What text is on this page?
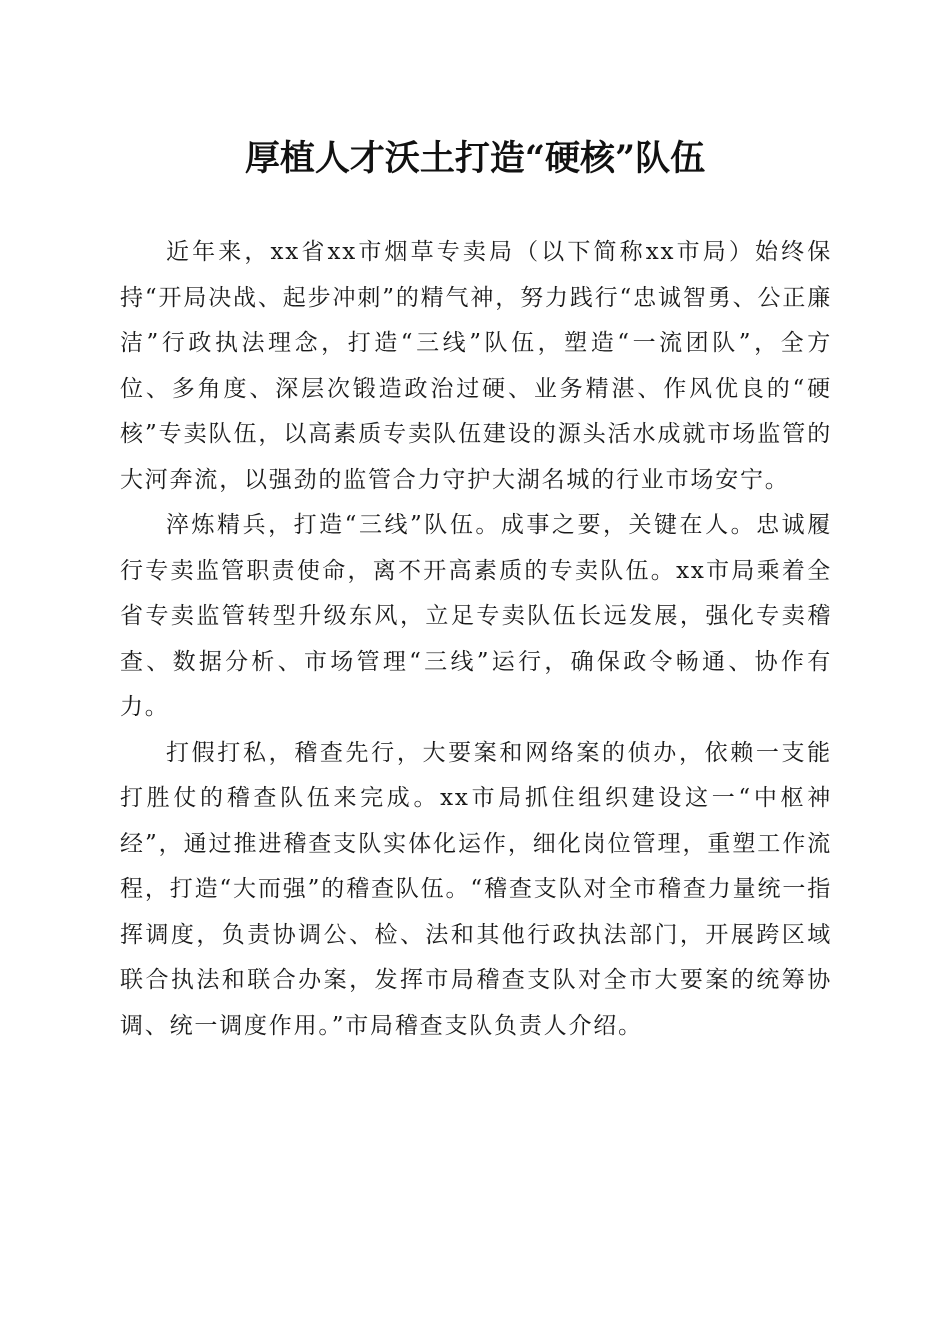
厚植人才沃土打造“硬核”队伍

近年来，xx省xx市烟草专卖局（以下简称xx市局）始终保持“开局决战、起步冲刺”的精气神，努力践行“忠诚智勇、公正廉洁”行政执法理念，打造“三线”队伍，塑造“一流团队”，全方位、多角度、深层次锻造政治过硬、业务精湛、作风优良的“硬核”专卖队伍，以高素质专卖队伍建设的源头活水成就市场监管的大河奔流，以强劲的监管合力守护大湖名城的行业市场安宁。

淬炼精兵，打造“三线”队伍。成事之要，关键在人。忠诚履行专卖监管职责使命，离不开高素质的专卖队伍。xx市局乘着全省专卖监管转型升级东风，立足专卖队伍长远发展，强化专卖稽查、数据分析、市场管理“三线”运行，确保政令畅通、协作有力。

打假打私，稽查先行，大要案和网络案的侦办，依赖一支能打胜仗的稽查队伍来完成。xx市局抓住组织建设这一“中枢神经”，通过推进稽查支队实体化运作，细化岗位管理，重塑工作流程，打造“大而强”的稽查队伍。“稽查支队对全市稽查力量统一指挥调度，负责协调公、检、法和其他行政执法部门，开展跨区域联合执法和联合办案，发挥市局稽查支队对全市大要案的统筹协调、统一调度作用。”市局稽查支队负责人介绍。
